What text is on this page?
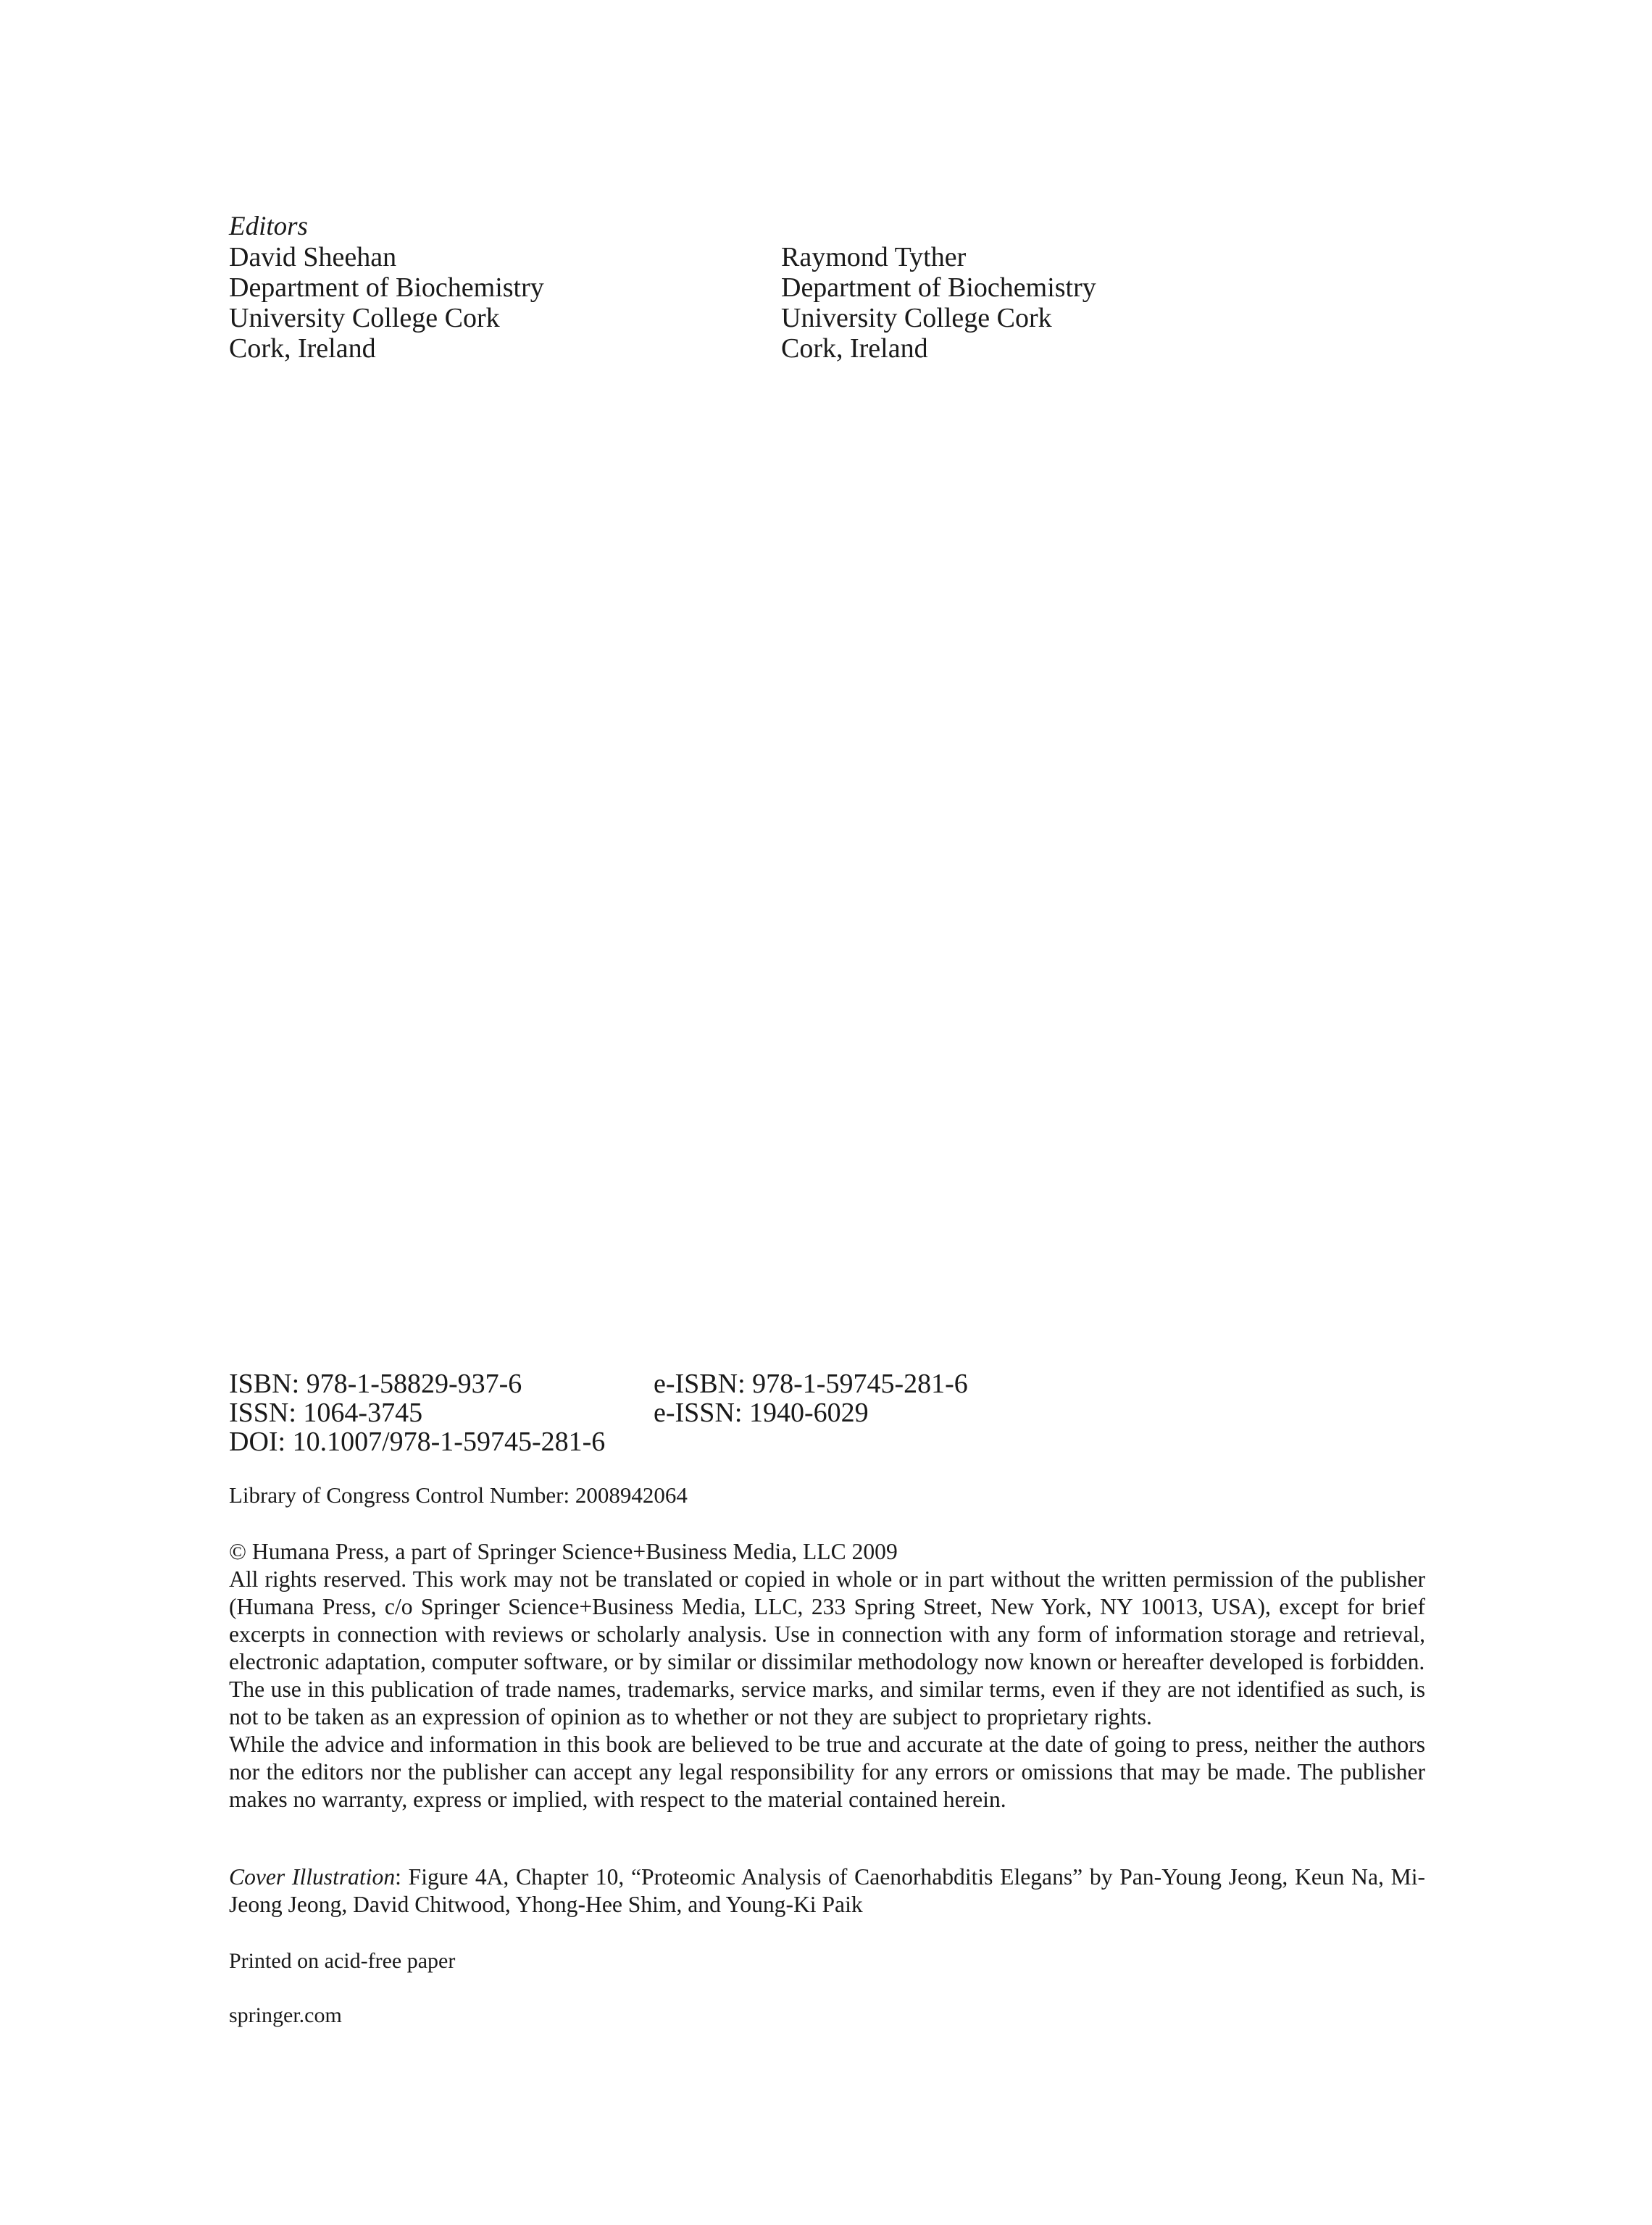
Editors
David Sheehan
Department of Biochemistry
University College Cork
Cork, Ireland
Raymond Tyther
Department of Biochemistry
University College Cork
Cork, Ireland
ISBN: 978-1-58829-937-6	e-ISBN: 978-1-59745-281-6
ISSN: 1064-3745	e-ISSN: 1940-6029
DOI: 10.1007/978-1-59745-281-6
Library of Congress Control Number: 2008942064

© Humana Press, a part of Springer Science+Business Media, LLC 2009

All rights reserved. This work may not be translated or copied in whole or in part without the written permission of the publisher (Humana Press, c/o Springer Science+Business Media, LLC, 233 Spring Street, New York, NY 10013, USA), except for brief excerpts in connection with reviews or scholarly analysis. Use in connection with any form of information storage and retrieval, electronic adaptation, computer software, or by similar or dissimilar methodology now known or hereafter developed is forbidden.

The use in this publication of trade names, trademarks, service marks, and similar terms, even if they are not identified as such, is not to be taken as an expression of opinion as to whether or not they are subject to proprietary rights.

While the advice and information in this book are believed to be true and accurate at the date of going to press, neither the authors nor the editors nor the publisher can accept any legal responsibility for any errors or omissions that may be made. The publisher makes no warranty, express or implied, with respect to the material contained herein.

Cover Illustration: Figure 4A, Chapter 10, “Proteomic Analysis of Caenorhabditis Elegans” by Pan-Young Jeong, Keun Na, Mi-Jeong Jeong, David Chitwood, Yhong-Hee Shim, and Young-Ki Paik
Printed on acid-free paper
springer.com
